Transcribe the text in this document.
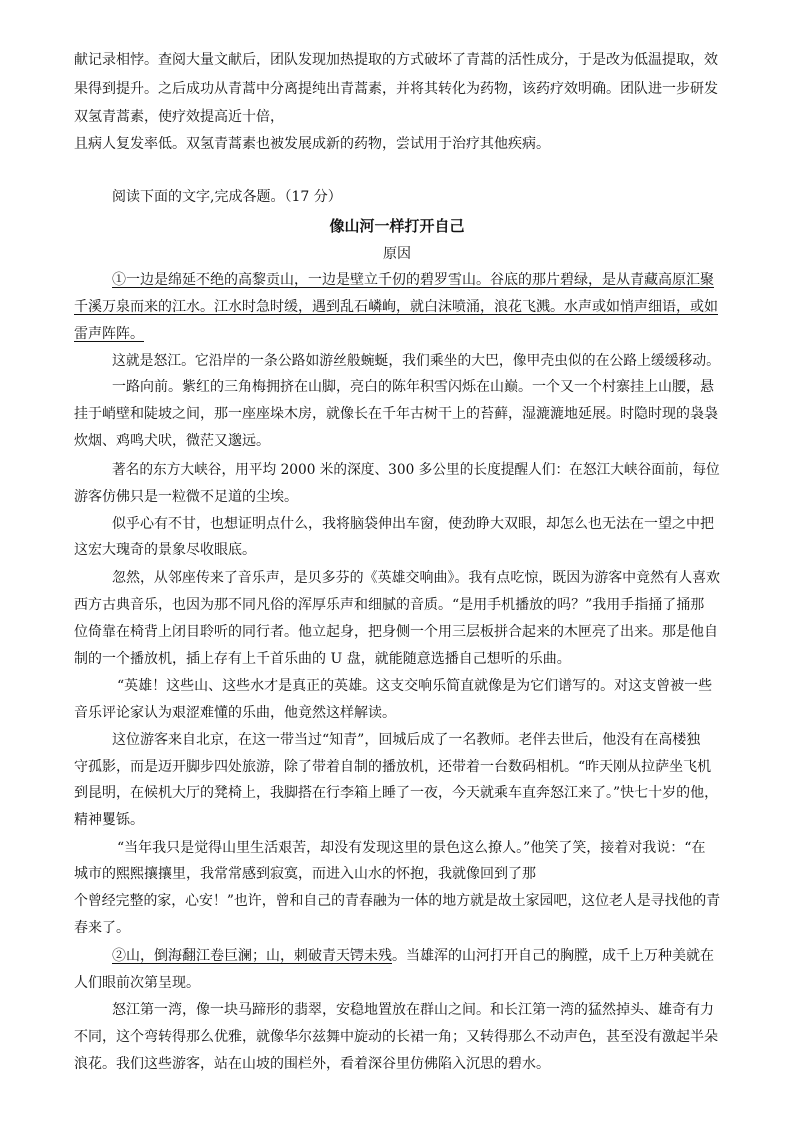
献记录相悖。查阅大量文献后，团队发现加热提取的方式破坏了青蒿的活性成分，于是改为低温提取，效

果得到提升。之后成功从青蒿中分离提纯出青蒿素，并将其转化为药物，该药疗效明确。团队进一步研发

双氢青蒿素，使疗效提高近十倍，

且病人复发率低。双氢青蒿素也被发展成新的药物，尝试用于治疗其他疾病。

阅读下面的文字,完成各题。（17 分）

像山河一样打开自己

原因

①一边是绵延不绝的高黎贡山，一边是壁立千仞的碧罗雪山。谷底的那片碧绿，是从青藏高原汇聚

千溪万泉而来的江水。江水时急时缓，遇到乱石嶙峋，就白沫喷涌，浪花飞溅。水声或如悄声细语，或如

雷声阵阵。

这就是怒江。它沿岸的一条公路如游丝般蜿蜒，我们乘坐的大巴，像甲壳虫似的在公路上缓缓移动。

一路向前。紫红的三角梅拥挤在山脚，亮白的陈年积雪闪烁在山巅。一个又一个村寨挂上山腰，悬

挂于峭壁和陡坡之间，那一座座垛木房，就像长在千年古树干上的苔藓，湿漉漉地延展。时隐时现的袅袅

炊烟、鸡鸣犬吠，微茫又邈远。

著名的东方大峡谷，用平均 2000 米的深度、300 多公里的长度提醒人们：在怒江大峡谷面前，每位

游客仿佛只是一粒微不足道的尘埃。

似乎心有不甘，也想证明点什么，我将脑袋伸出车窗，使劲睁大双眼，却怎么也无法在一望之中把

这宏大瑰奇的景象尽收眼底。

忽然，从邻座传来了音乐声，是贝多芬的《英雄交响曲》。我有点吃惊，既因为游客中竟然有人喜欢

西方古典音乐，也因为那不同凡俗的浑厚乐声和细腻的音质。“是用手机播放的吗？”我用手指捅了捅那

位倚靠在椅背上闭目聆听的同行者。他立起身，把身侧一个用三层板拼合起来的木匣亮了出来。那是他自

制的一个播放机，插上存有上千首乐曲的 U 盘，就能随意选播自己想听的乐曲。

“英雄！这些山、这些水才是真正的英雄。这支交响乐简直就像是为它们谱写的。对这支曾被一些

音乐评论家认为艰涩难懂的乐曲，他竟然这样解读。

这位游客来自北京，在这一带当过“知青”，回城后成了一名教师。老伴去世后，他没有在高楼独

守孤影，而是迈开脚步四处旅游，除了带着自制的播放机，还带着一台数码相机。“昨天刚从拉萨坐飞机

到昆明，在候机大厅的凳椅上，我脚搭在行李箱上睡了一夜，今天就乘车直奔怒江来了。”快七十岁的他，

精神矍铄。

“当年我只是觉得山里生活艰苦，却没有发现这里的景色这么撩人。”他笑了笑，接着对我说：“在

城市的熙熙攘攘里，我常常感到寂寞，而进入山水的怀抱，我就像回到了那

个曾经完整的家，心安！”也许，曾和自己的青春融为一体的地方就是故土家园吧，这位老人是寻找他的青

春来了。

②山，倒海翻江卷巨澜；山，刺破青天锷未残。当雄浑的山河打开自己的胸膛，成千上万种美就在

人们眼前次第呈现。

怒江第一湾，像一块马蹄形的翡翠，安稳地置放在群山之间。和长江第一湾的猛然掉头、雄奇有力

不同，这个弯转得那么优雅，就像华尔兹舞中旋动的长裙一角；又转得那么不动声色，甚至没有激起半朵

浪花。我们这些游客，站在山坡的围栏外，看着深谷里仿佛陷入沉思的碧水。
